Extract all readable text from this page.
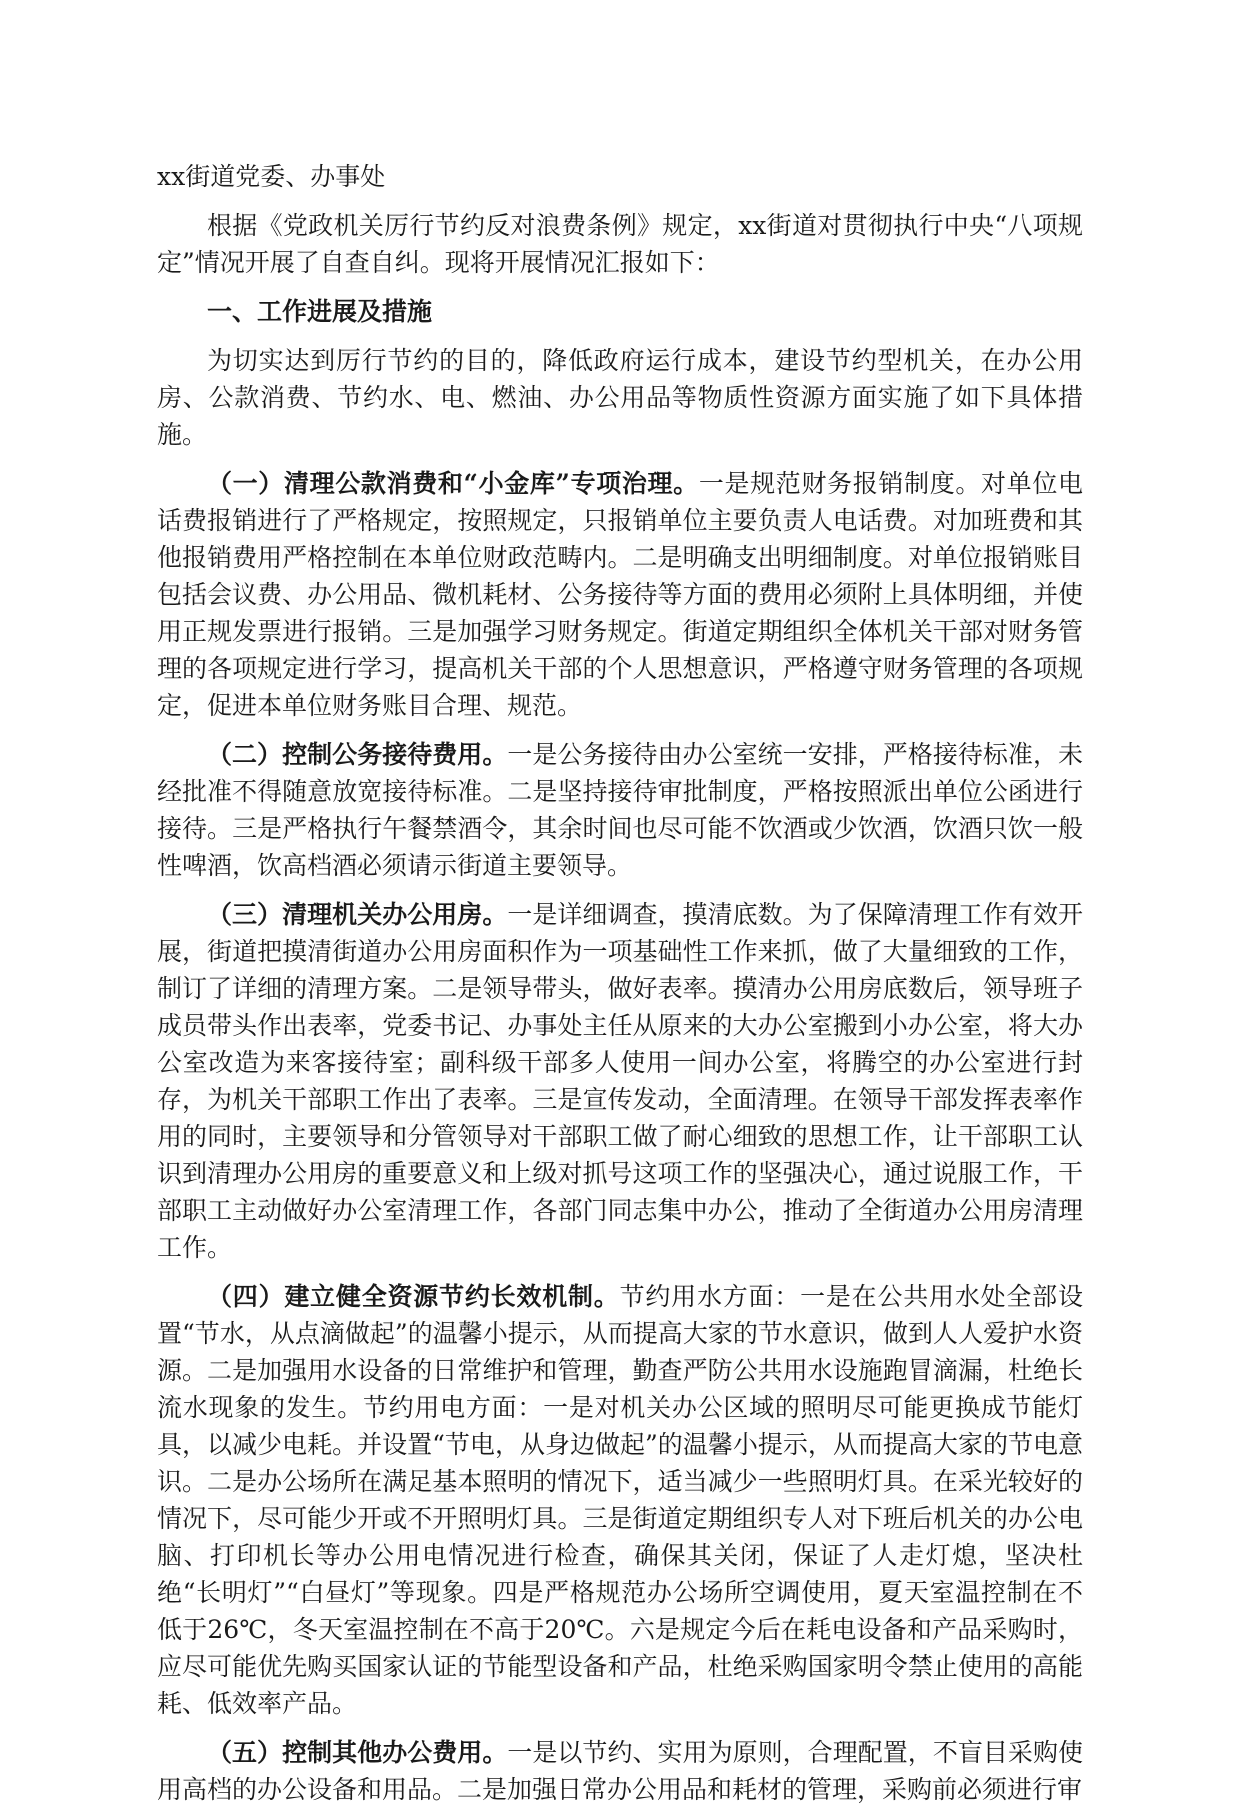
xx街道党委、办事处

根据《党政机关厉行节约反对浪费条例》规定，xx街道对贯彻执行中央“八项规定”情况开展了自查自纠。现将开展情况汇报如下：

一、工作进展及措施

为切实达到厉行节约的目的，降低政府运行成本，建设节约型机关，在办公用房、公款消费、节约水、电、燃油、办公用品等物质性资源方面实施了如下具体措施。

（一）清理公款消费和“小金库”专项治理。一是规范财务报销制度。对单位电话费报销进行了严格规定，按照规定，只报销单位主要负责人电话费。对加班费和其他报销费用严格控制在本单位财政范畴内。二是明确支出明细制度。对单位报销账目包括会议费、办公用品、微机耗材、公务接待等方面的费用必须附上具体明细，并使用正规发票进行报销。三是加强学习财务规定。街道定期组织全体机关干部对财务管理的各项规定进行学习，提高机关干部的个人思想意识，严格遵守财务管理的各项规定，促进本单位财务账目合理、规范。

（二）控制公务接待费用。一是公务接待由办公室统一安排，严格接待标准，未经批准不得随意放宽接待标准。二是坚持接待审批制度，严格按照派出单位公函进行接待。三是严格执行午餐禁酒令，其余时间也尽可能不饮酒或少饮酒，饮酒只饮一般性啤酒，饮高档酒必须请示街道主要领导。

（三）清理机关办公用房。一是详细调查，摸清底数。为了保障清理工作有效开展，街道把摸清街道办公用房面积作为一项基础性工作来抓，做了大量细致的工作，制订了详细的清理方案。二是领导带头，做好表率。摸清办公用房底数后，领导班子成员带头作出表率，党委书记、办事处主任从原来的大办公室搬到小办公室，将大办公室改造为来客接待室；副科级干部多人使用一间办公室，将腾空的办公室进行封存，为机关干部职工作出了表率。三是宣传发动，全面清理。在领导干部发挥表率作用的同时，主要领导和分管领导对干部职工做了耐心细致的思想工作，让干部职工认识到清理办公用房的重要意义和上级对抓号这项工作的坚强决心，通过说服工作，干部职工主动做好办公室清理工作，各部门同志集中办公，推动了全街道办公用房清理工作。

（四）建立健全资源节约长效机制。节约用水方面：一是在公共用水处全部设置“节水，从点滴做起”的温馨小提示，从而提高大家的节水意识，做到人人爱护水资源。二是加强用水设备的日常维护和管理，勤查严防公共用水设施跑冒滴漏，杜绝长流水现象的发生。节约用电方面：一是对机关办公区域的照明尽可能更换成节能灯具，以减少电耗。并设置“节电，从身边做起”的温馨小提示，从而提高大家的节电意识。二是办公场所在满足基本照明的情况下，适当减少一些照明灯具。在采光较好的情况下，尽可能少开或不开照明灯具。三是街道定期组织专人对下班后机关的办公电脑、打印机长等办公用电情况进行检查，确保其关闭，保证了人走灯熄，坚决杜绝“长明灯”“白昼灯”等现象。四是严格规范办公场所空调使用，夏天室温控制在不低于26℃，冬天室温控制在不高于20℃。六是规定今后在耗电设备和产品采购时，应尽可能优先购买国家认证的节能型设备和产品，杜绝采购国家明令禁止使用的高能耗、低效率产品。

（五）控制其他办公费用。一是以节约、实用为原则，合理配置，不盲目采购使用高档的办公设备和用品。二是加强日常办公用品和耗材的管理，采购前必须进行审
